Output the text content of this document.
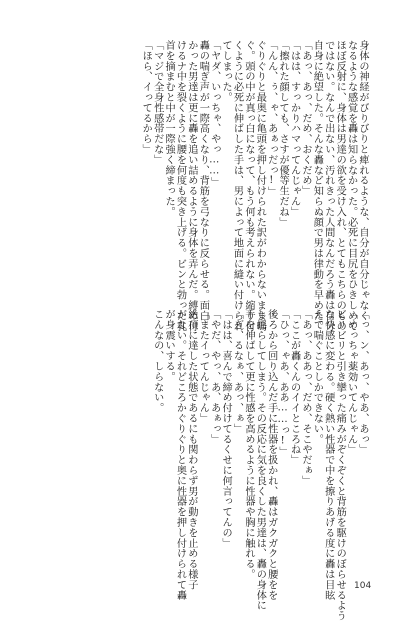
身体の神経がびりびりと痺れるような、自分が自分じゃなく

なるような感覚を轟は知らなかった。必死に目尻をひきしめて

ほぼ反射に、身体は男達の欲を受け入れ、とてもこちらのもの

ではない。なんで出ない、汚れきった人間なんだろう轟は自分

自身に絶望した。そんな轟など知らぬ顔で男は律動を早めた。

「あっ、あっ、だめ、おくだめ」

「はは、すっかりハマってんじゃん」

「擦れた顔しても、さすが優等生だね」

「んん、ぅ、ゃ、あぁっだっ!」

ぐりぐりと最奥に亀頭を押し付けられた訳がわからないまま嗚

ぐ。頭の中が真っ白になって、もう何も考えられない。縮り付

くように必死に伸ばした手は、男によって地面に縫い付けられ

てしまった。

「ヤダ、いっちゃ、やっ……」

轟の喘ぎ声が一際高くなり、背筋を弓なりに反らせる。面白

かった男達は更に轟を追い詰めるように身体を弄んだ。縛め付

けるナ中を裂くように腰を何度も突き上げる。ビンと勃った乳

首を摘まむと中が一際強く締まった。

「マジで全身性感帯だな」

「ほら、イってるから」

「っ、ン、あっ、やあ、あっ」

「めっちゃ薬効いてんじゃん」

ビリビリと引き攣った痛みがぞくぞくと背筋を駆けのぼらせるよう

な快感に変わる。硬く熱い性器で中を擦りあげる度に轟は目眩

えて喘ぐことしかできない。

「あっ、ああっ、だめ、そこやだぁ」

「ここが轟くんのイイところね」

「ひっ、ゃあ、ああ……っ!」

後ろから回り込んだ手に性器を扱かれ、轟はガクガクと腰をを

し揺らしてしまう。その反応に気を良くした男達は、轟の身体に

手を伸ばして更に性感を高めるように性器や胸に触れる。

「ぎ、るなぁ、あっ、ぁ」

「はは、喜んで締め付けてるくせに何言ってんの」

「やだ、やっ、あ、あぁっ」

「またイってんじゃん」

絶頂に達した状態であるにも関わらず男が動きを止める様子

がない。それどころかぐりぐりと奥に性器を押し付けられて轟

が身震いする。

こんなの、しらない。

104
